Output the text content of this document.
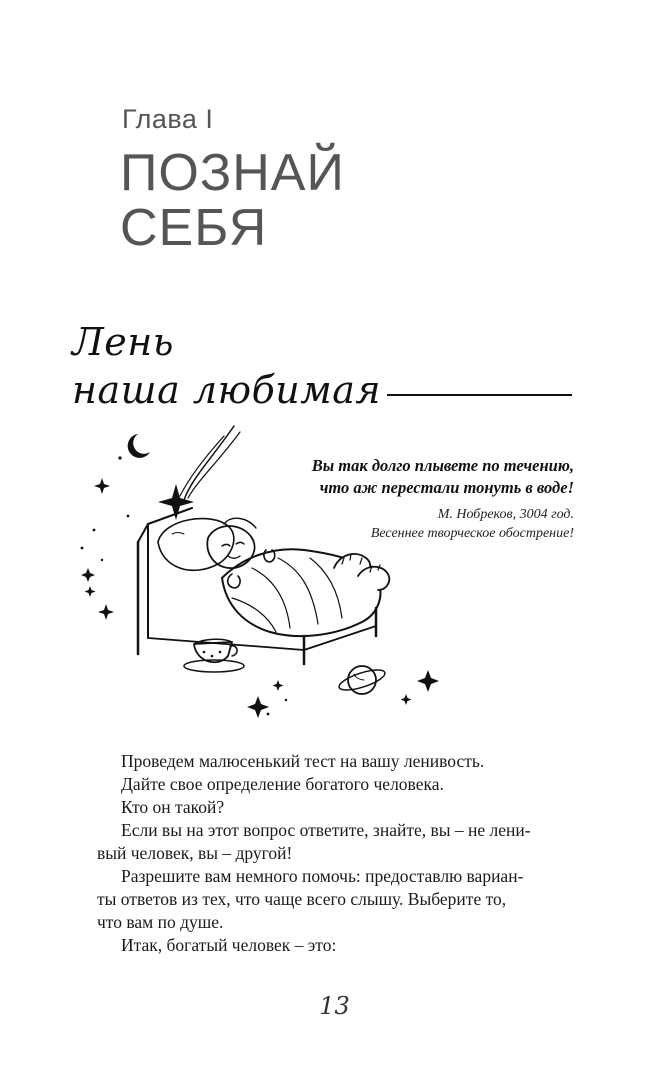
Глава I
ПОЗНАЙ
СЕБЯ
Лень
наша любимая
Вы так долго плывете по течению,
что аж перестали тонуть в воде!
М. Нобреков, 3004 год.
Весеннее творческое обострение!

Проведем малюсенький тест на вашу ленивость.

Дайте свое определение богатого человека.

Кто он такой?

Если вы на этот вопрос ответите, знайте, вы – не лени-

вый человек, вы – другой!

Разрешите вам немного помочь: предоставлю вариан-

ты ответов из тех, что чаще всего слышу. Выберите то,

что вам по душе.

Итак, богатый человек – это:

13
